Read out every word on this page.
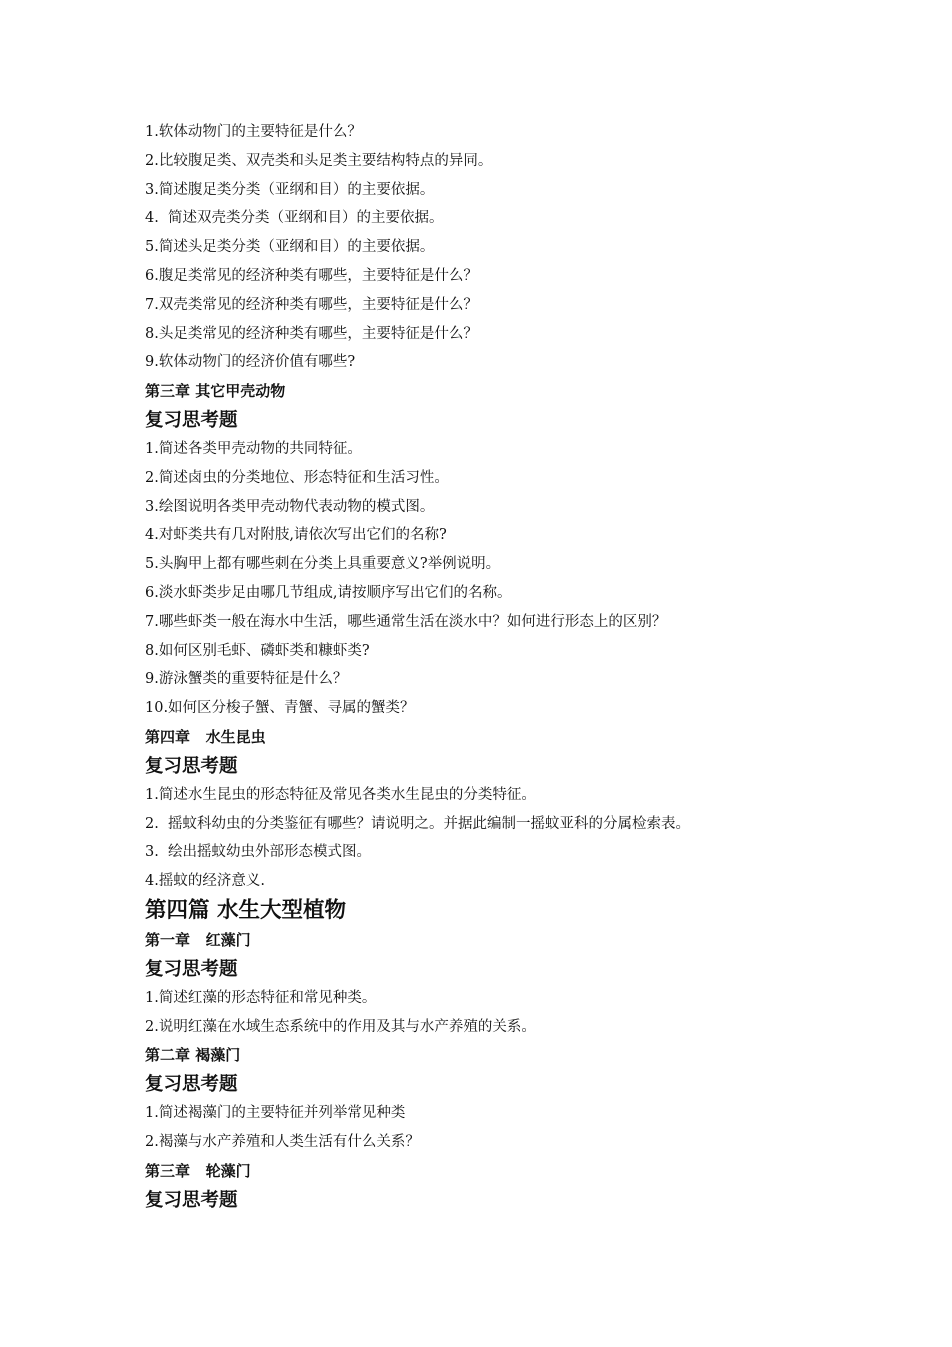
1.软体动物门的主要特征是什么？
2.比较腹足类、双壳类和头足类主要结构特点的异同。
3.简述腹足类分类（亚纲和目）的主要依据。
4.  简述双壳类分类（亚纲和目）的主要依据。
5.简述头足类分类（亚纲和目）的主要依据。
6.腹足类常见的经济种类有哪些，主要特征是什么？
7.双壳类常见的经济种类有哪些，主要特征是什么？
8.头足类常见的经济种类有哪些，主要特征是什么？
9.软体动物门的经济价值有哪些?
第三章 其它甲壳动物
复习思考题
1.简述各类甲壳动物的共同特征。
2.简述卤虫的分类地位、形态特征和生活习性。
3.绘图说明各类甲壳动物代表动物的模式图。
4.对虾类共有几对附肢,请依次写出它们的名称?
5.头胸甲上都有哪些刺在分类上具重要意义?举例说明。
6.淡水虾类步足由哪几节组成,请按顺序写出它们的名称。
7.哪些虾类一般在海水中生活，哪些通常生活在淡水中？如何进行形态上的区别？
8.如何区别毛虾、磷虾类和糠虾类?
9.游泳蟹类的重要特征是什么？
10.如何区分梭子蟹、青蟹、寻属的蟹类？
第四章   水生昆虫
复习思考题
1.简述水生昆虫的形态特征及常见各类水生昆虫的分类特征。
2.  摇蚊科幼虫的分类鉴征有哪些？请说明之。并据此编制一摇蚊亚科的分属检索表。
3.  绘出摇蚊幼虫外部形态模式图。
4.摇蚊的经济意义.
第四篇 水生大型植物
第一章   红藻门
复习思考题
1.简述红藻的形态特征和常见种类。
2.说明红藻在水域生态系统中的作用及其与水产养殖的关系。
第二章 褐藻门
复习思考题
1.简述褐藻门的主要特征并列举常见种类
2.褐藻与水产养殖和人类生活有什么关系？
第三章   轮藻门
复习思考题
